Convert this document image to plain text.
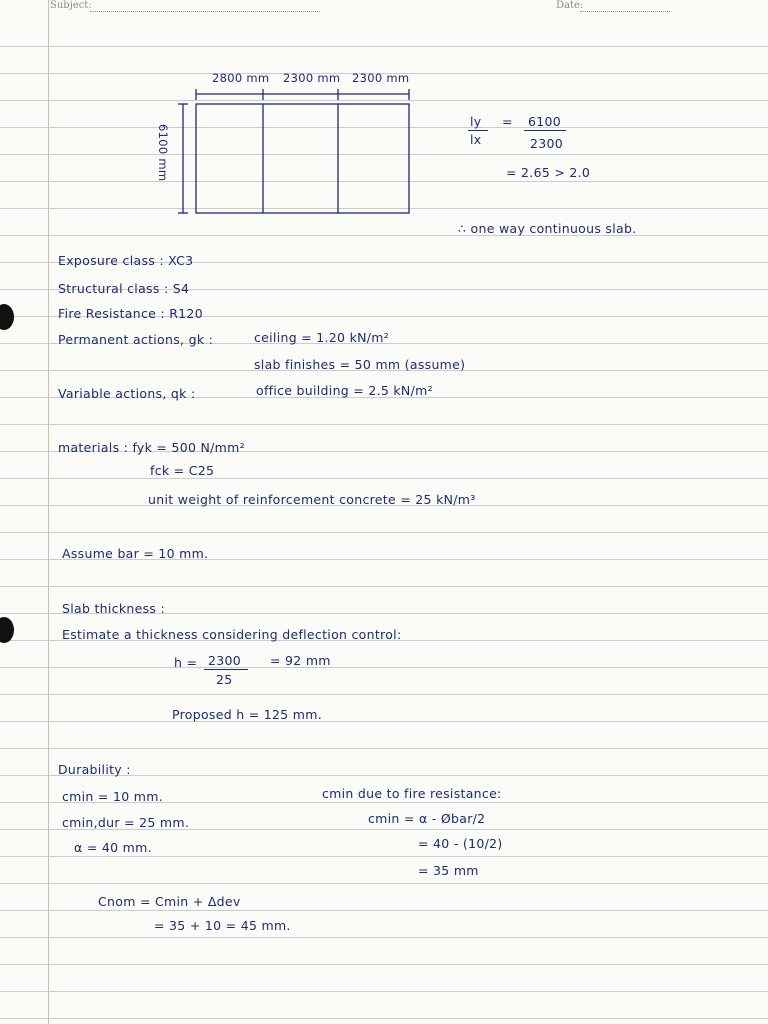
Subject:	Date:
2800 mm 2300 mm 2300 mm
6100 mm
ly
lx
= 6100
2300
= 2.65 > 2.0
∴ one way continuous slab.
Exposure class : XC3
Structural class : S4
Fire Resistance : R120
Permanent actions, gk :	ceiling = 1.20 kN/m²
slab finishes = 50 mm (assume)
Variable actions, qk :	office building = 2.5 kN/m²
materials : fyk = 500 N/mm²
fck = C25
unit weight of reinforcement concrete = 25 kN/m³
Assume bar = 10 mm.
Slab thickness :
Estimate a thickness considering deflection control:
h = 2300
25
= 92 mm
Proposed h = 125 mm.
Durability :
cmin = 10 mm.
cmin,dur = 25 mm.
α = 40 mm.
cmin due to fire resistance:
cmin = α - Øbar/2
= 40 - (10/2)
= 35 mm
Cnom = Cmin + Δdev
= 35 + 10 = 45 mm.
